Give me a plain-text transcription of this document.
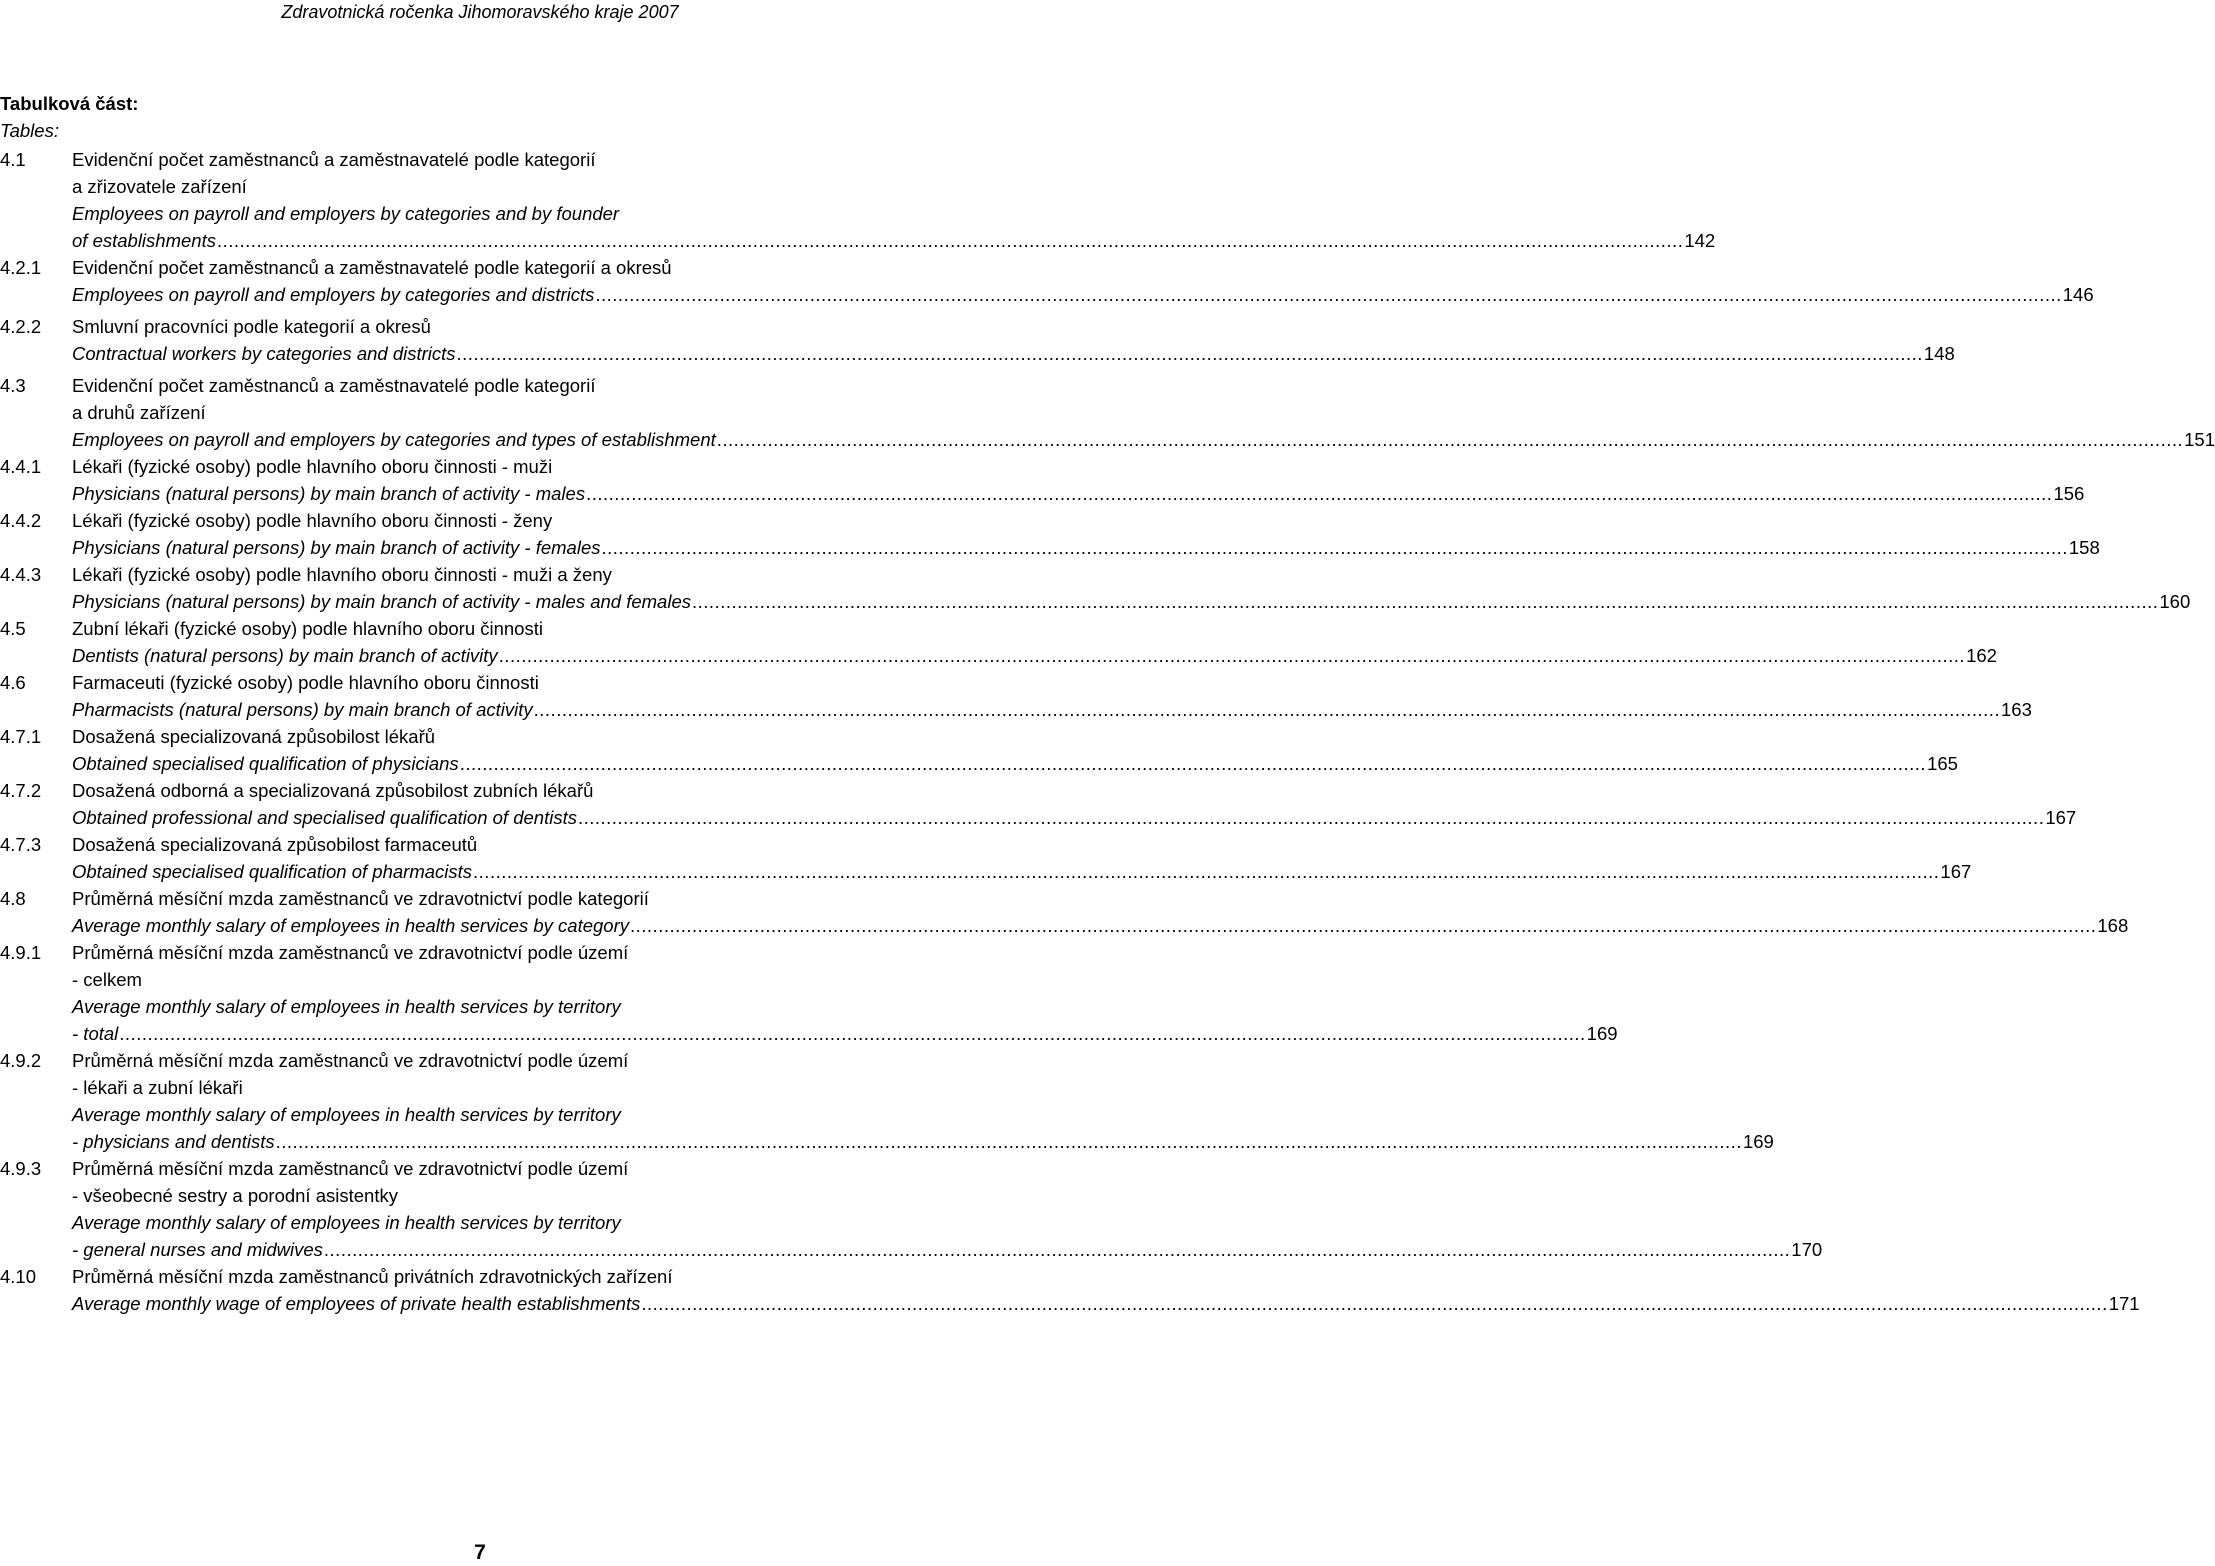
Zdravotnická ročenka Jihomoravského kraje 2007
Tabulková část:
Tables:
4.1	Evidenční počet zaměstnanců a zaměstnavatelé podle kategorií
a zřizovatele zařízení
Employees on payroll and employers by categories and by founder
of establishments .................................................................................................................................................................................................................................................................... 142
4.2.1	Evidenční počet zaměstnanců a zaměstnavatelé podle kategorií a okresů
Employees on payroll and employers by categories and districts .................................................................................................................................................................................................................................................................... 146
4.2.2	Smluvní pracovníci podle kategorií a okresů
Contractual workers by categories and districts .................................................................................................................................................................................................................................................................... 148
4.3	Evidenční počet zaměstnanců a zaměstnavatelé podle kategorií
a druhů zařízení
Employees on payroll and employers by categories and types of establishment .................................................................................................................................................................................................................................................................... 151
4.4.1	Lékaři (fyzické osoby) podle hlavního oboru činnosti - muži
Physicians (natural persons) by main branch of activity - males .................................................................................................................................................................................................................................................................... 156
4.4.2	Lékaři (fyzické osoby) podle hlavního oboru činnosti - ženy
Physicians (natural persons) by main branch of activity - females .................................................................................................................................................................................................................................................................... 158
4.4.3	Lékaři (fyzické osoby) podle hlavního oboru činnosti - muži a ženy
Physicians (natural persons) by main branch of activity - males and females .................................................................................................................................................................................................................................................................... 160
4.5	Zubní lékaři (fyzické osoby) podle hlavního oboru činnosti
Dentists (natural persons) by main branch of activity .................................................................................................................................................................................................................................................................... 162
4.6	Farmaceuti (fyzické osoby) podle hlavního oboru činnosti
Pharmacists (natural persons) by main branch of activity .................................................................................................................................................................................................................................................................... 163
4.7.1	Dosažená specializovaná způsobilost lékařů
Obtained specialised qualification of physicians .................................................................................................................................................................................................................................................................... 165
4.7.2	Dosažená odborná a specializovaná způsobilost zubních lékařů
Obtained professional and specialised qualification of dentists .................................................................................................................................................................................................................................................................... 167
4.7.3	Dosažená specializovaná způsobilost farmaceutů
Obtained specialised qualification of pharmacists .................................................................................................................................................................................................................................................................... 167
4.8	Průměrná měsíční mzda zaměstnanců ve zdravotnictví podle kategorií
Average monthly salary of employees in health services by category .................................................................................................................................................................................................................................................................... 168
4.9.1	Průměrná měsíční mzda zaměstnanců ve zdravotnictví podle území
- celkem
Average monthly salary of employees in health services by territory
- total .................................................................................................................................................................................................................................................................... 169
4.9.2	Průměrná měsíční mzda zaměstnanců ve zdravotnictví podle území
- lékaři a zubní lékaři
Average monthly salary of employees in health services by territory
- physicians and dentists .................................................................................................................................................................................................................................................................... 169
4.9.3	Průměrná měsíční mzda zaměstnanců ve zdravotnictví podle území
- všeobecné sestry a porodní asistentky
Average monthly salary of employees in health services by territory
- general nurses and midwives .................................................................................................................................................................................................................................................................... 170
4.10	Průměrná měsíční mzda zaměstnanců privátních zdravotnických zařízení
Average monthly wage of employees of private health establishments .................................................................................................................................................................................................................................................................... 171
7
